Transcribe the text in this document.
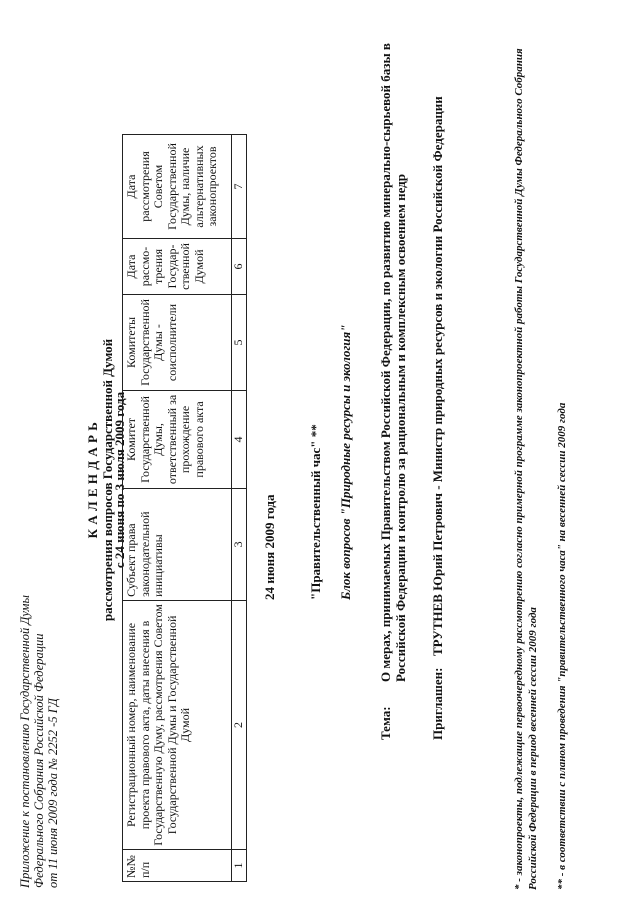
Приложение к постановлению Государственной Думы Федерального Собрания Российской Федерации от 11 июня 2009 года № 2252 -5 ГД
К А Л Е Н Д А Р Ь рассмотрения вопросов Государственной Думой
с 24 июня по 3 июля 2009 года
№№ п/п	Регистрационный номер, наименование проекта правового акта, даты внесения в Государственную Думу, рассмотрения Советом Государственной Думы и Государственной Думой	Субъект права законодательной инициативы	Комитет Государственной Думы, ответственный за прохождение правового акта	Комитеты Государственной Думы - соисполнители	Дата рассмо-трения Государ-ственной Думой	Дата рассмотрения Советом Государственной Думы, наличие альтернативных законопроектов
1	2	3	4	5	6	7
24 июня 2009 года "Правительственный час" ** Блок вопросов "Природные ресурсы и экология"
Тема:
О мерах, принимаемых Правительством Российской Федерации, по развитию минерально-сырьевой базы в Российской Федерации и контролю за рациональным и комплексным освоением недр
Приглашен:
ТРУТНЕВ Юрий Петрович - Министр природных ресурсов и экологии Российской Федерации	* - законопроекты, подлежащие первоочередному рассмотрению согласно примерной программе законопроектной работы Государственной Думы Федерального Собрания Российской Федерации в период весенней сессии 2009 года ** - в соответствии с планом проведения "правительственного часа" на весенней сессии 2009 года
